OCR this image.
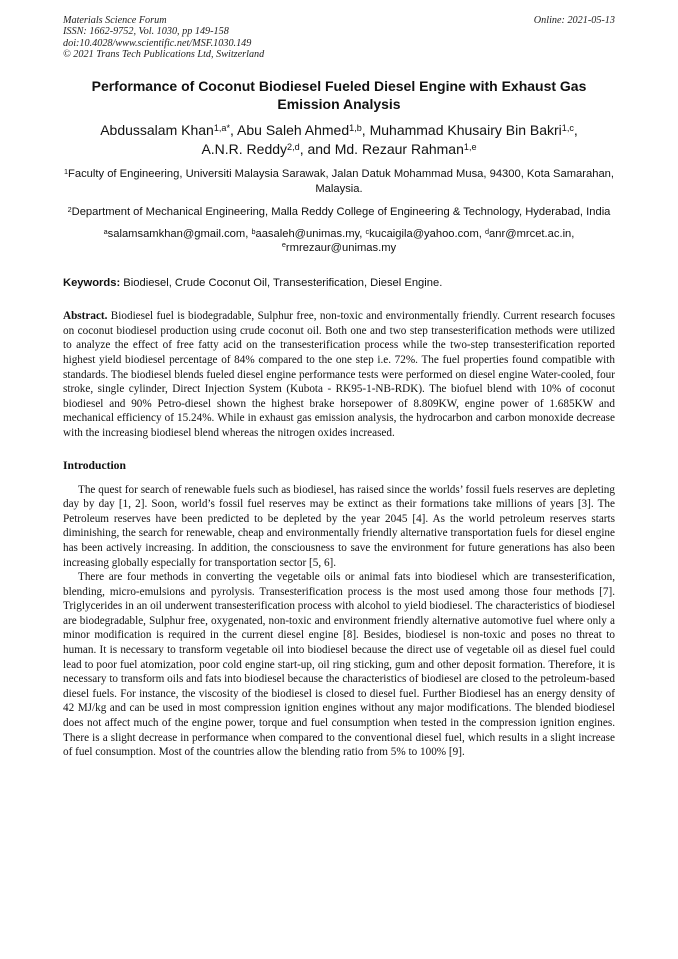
Materials Science Forum
ISSN: 1662-9752, Vol. 1030, pp 149-158
doi:10.4028/www.scientific.net/MSF.1030.149
© 2021 Trans Tech Publications Ltd, Switzerland
Online: 2021-05-13
Performance of Coconut Biodiesel Fueled Diesel Engine with Exhaust Gas Emission Analysis
Abdussalam Khan$^{1,a*}$, Abu Saleh Ahmed$^{1,b}$, Muhammad Khusairy Bin Bakri$^{1,c}$,
A.N.R. Reddy$^{2,d}$, and Md. Rezaur Rahman$^{1,e}$
$^1$Faculty of Engineering, Universiti Malaysia Sarawak, Jalan Datuk Mohammad Musa, 94300, Kota Samarahan, Malaysia.
$^2$Department of Mechanical Engineering, Malla Reddy College of Engineering & Technology, Hyderabad, India
$^a$salamsamkhan@gmail.com, $^b$aasaleh@unimas.my, $^c$kucaigila@yahoo.com, $^d$anr@mrcet.ac.in,
$^e$rmrezaur@unimas.my
Keywords: Biodiesel, Crude Coconut Oil, Transesterification, Diesel Engine.
Abstract. Biodiesel fuel is biodegradable, Sulphur free, non-toxic and environmentally friendly. Current research focuses on coconut biodiesel production using crude coconut oil. Both one and two step transesterification methods were utilized to analyze the effect of free fatty acid on the transesterification process while the two-step transesterification reported highest yield biodiesel percentage of 84% compared to the one step i.e. 72%. The fuel properties found compatible with standards. The biodiesel blends fueled diesel engine performance tests were performed on diesel engine Water-cooled, four stroke, single cylinder, Direct Injection System (Kubota - RK95-1-NB-RDK). The biofuel blend with 10% of coconut biodiesel and 90% Petro-diesel shown the highest brake horsepower of 8.809KW, engine power of 1.685KW and mechanical efficiency of 15.24%. While in exhaust gas emission analysis, the hydrocarbon and carbon monoxide decrease with the increasing biodiesel blend whereas the nitrogen oxides increased.
Introduction
The quest for search of renewable fuels such as biodiesel, has raised since the worlds’ fossil fuels reserves are depleting day by day [1, 2]. Soon, world’s fossil fuel reserves may be extinct as their formations take millions of years [3]. The Petroleum reserves have been predicted to be depleted by the year 2045 [4]. As the world petroleum reserves starts diminishing, the search for renewable, cheap and environmentally friendly alternative transportation fuels for diesel engine has been actively increasing. In addition, the consciousness to save the environment for future generations has also been increasing globally especially for transportation sector [5, 6].
There are four methods in converting the vegetable oils or animal fats into biodiesel which are transesterification, blending, micro-emulsions and pyrolysis. Transesterification process is the most used among those four methods [7]. Triglycerides in an oil underwent transesterification process with alcohol to yield biodiesel. The characteristics of biodiesel are biodegradable, Sulphur free, oxygenated, non-toxic and environment friendly alternative automotive fuel where only a minor modification is required in the current diesel engine [8]. Besides, biodiesel is non-toxic and poses no threat to human. It is necessary to transform vegetable oil into biodiesel because the direct use of vegetable oil as diesel fuel could lead to poor fuel atomization, poor cold engine start-up, oil ring sticking, gum and other deposit formation. Therefore, it is necessary to transform oils and fats into biodiesel because the characteristics of biodiesel are closed to the petroleum-based diesel fuels. For instance, the viscosity of the biodiesel is closed to diesel fuel. Further Biodiesel has an energy density of 42 MJ/kg and can be used in most compression ignition engines without any major modifications. The blended biodiesel does not affect much of the engine power, torque and fuel consumption when tested in the compression ignition engines. There is a slight decrease in performance when compared to the conventional diesel fuel, which results in a slight increase of fuel consumption. Most of the countries allow the blending ratio from 5% to 100% [9].
